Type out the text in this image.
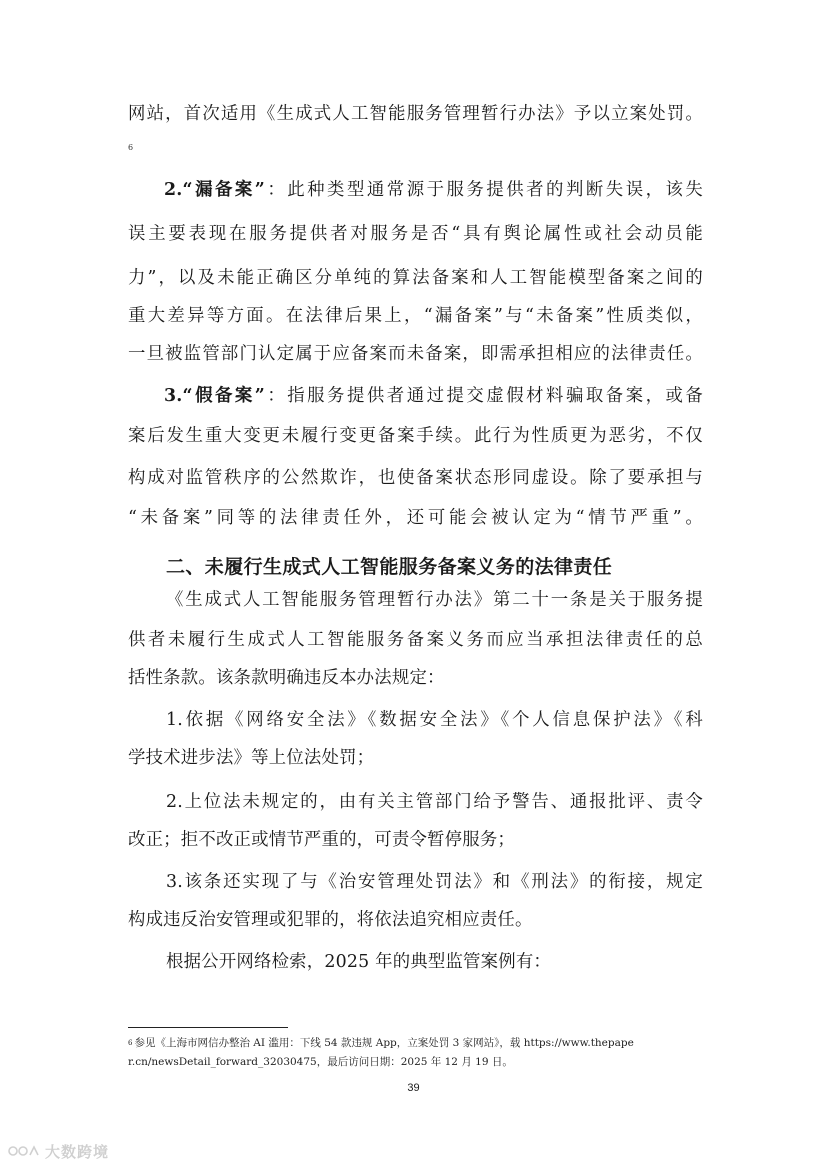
网站，首次适用《生成式人工智能服务管理暂行办法》予以立案处罚。
6
2.“漏备案”：此种类型通常源于服务提供者的判断失误，该失
误主要表现在服务提供者对服务是否“具有舆论属性或社会动员能
力”，以及未能正确区分单纯的算法备案和人工智能模型备案之间的
重大差异等方面。在法律后果上，“漏备案”与“未备案”性质类似，
一旦被监管部门认定属于应备案而未备案，即需承担相应的法律责任。
3.“假备案”：指服务提供者通过提交虚假材料骗取备案，或备
案后发生重大变更未履行变更备案手续。此行为性质更为恶劣，不仅
构成对监管秩序的公然欺诈，也使备案状态形同虚设。除了要承担与
“未备案”同等的法律责任外，还可能会被认定为“情节严重”。
二、未履行生成式人工智能服务备案义务的法律责任
《生成式人工智能服务管理暂行办法》第二十一条是关于服务提
供者未履行生成式人工智能服务备案义务而应当承担法律责任的总
括性条款。该条款明确违反本办法规定：
1.依据《网络安全法》《数据安全法》《个人信息保护法》《科
学技术进步法》等上位法处罚；
2.上位法未规定的，由有关主管部门给予警告、通报批评、责令
改正；拒不改正或情节严重的，可责令暂停服务；
3.该条还实现了与《治安管理处罚法》和《刑法》的衔接，规定
构成违反治安管理或犯罪的，将依法追究相应责任。
根据公开网络检索，2025 年的典型监管案例有：
$^6$ 参见《上海市网信办整治 AI 滥用：下线 54 款违规 App，立案处罚 3 家网站》，载 https://www.thepape
r.cn/newsDetail_forward_32030475，最后访问日期：2025 年 12 月 19 日。
39
大数跨境
